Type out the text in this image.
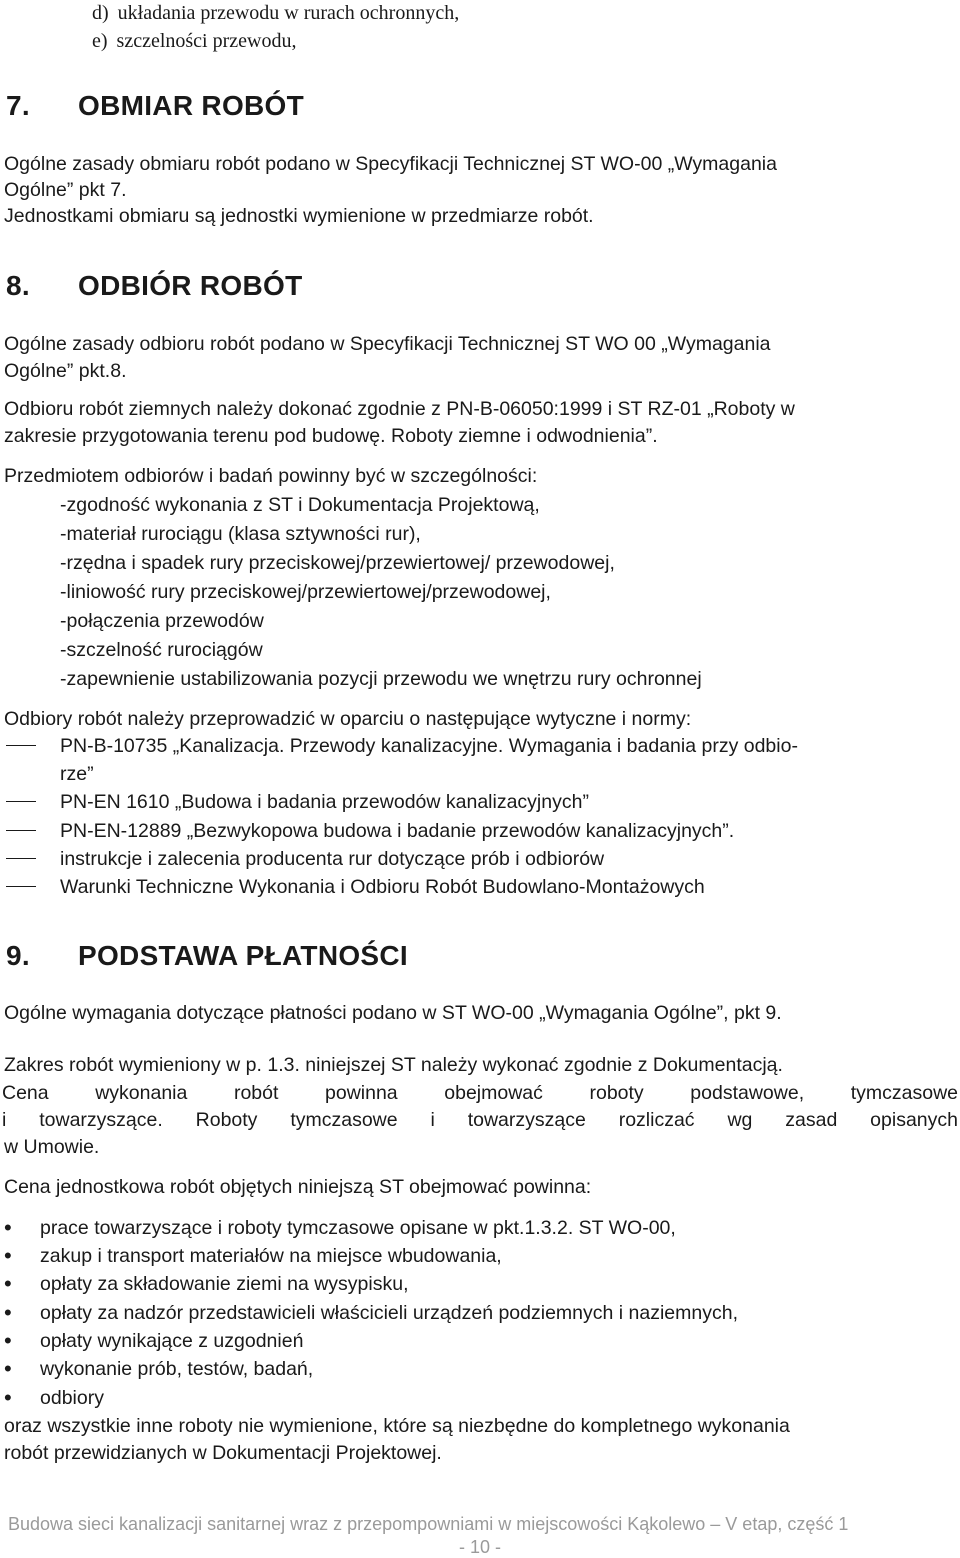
d) układania przewodu w rurach ochronnych,
e) szczelności przewodu,
7. OBMIAR ROBÓT
Ogólne zasady obmiaru robót podano w Specyfikacji Technicznej ST WO-00 „Wymagania
Ogólne” pkt 7.
Jednostkami obmiaru są jednostki wymienione w przedmiarze robót.
8. ODBIÓR ROBÓT
Ogólne zasady odbioru robót podano w Specyfikacji Technicznej ST WO 00 „Wymagania
Ogólne” pkt.8.
Odbioru robót ziemnych należy dokonać zgodnie z PN-B-06050:1999 i ST RZ-01 „Roboty w
zakresie przygotowania terenu pod budowę. Roboty ziemne i odwodnienia”.
Przedmiotem odbiorów i badań powinny być w szczególności:
-zgodność wykonania z ST i Dokumentacja Projektową,
-materiał rurociągu (klasa sztywności rur),
-rzędna i spadek rury przeciskowej/przewiertowej/ przewodowej,
-liniowość rury przeciskowej/przewiertowej/przewodowej,
-połączenia przewodów
-szczelność rurociągów
-zapewnienie ustabilizowania pozycji przewodu we wnętrzu rury ochronnej
Odbiory robót należy przeprowadzić w oparciu o następujące wytyczne i normy:
PN-B-10735 „Kanalizacja. Przewody kanalizacyjne. Wymagania i badania przy odbio-
rze”
PN-EN 1610 „Budowa i badania przewodów kanalizacyjnych”
PN-EN-12889 „Bezwykopowa budowa i badanie przewodów kanalizacyjnych”.
instrukcje i zalecenia producenta rur dotyczące prób i odbiorów
Warunki Techniczne Wykonania i Odbioru Robót Budowlano-Montażowych
9. PODSTAWA PŁATNOŚCI
Ogólne wymagania dotyczące płatności podano w ST WO-00 „Wymagania Ogólne”, pkt 9.
Zakres robót wymieniony w p. 1.3. niniejszej ST należy wykonać zgodnie z Dokumentacją.
Cena wykonania robót powinna obejmować roboty podstawowe, tymczasowe
i towarzyszące. Roboty tymczasowe i towarzyszące rozliczać wg zasad opisanych
w Umowie.
Cena jednostkowa robót objętych niniejszą ST obejmować powinna:
• prace towarzyszące i roboty tymczasowe opisane w pkt.1.3.2. ST WO-00,
• zakup i transport materiałów na miejsce wbudowania,
• opłaty za składowanie ziemi na wysypisku,
• opłaty za nadzór przedstawicieli właścicieli urządzeń podziemnych i naziemnych,
• opłaty wynikające z uzgodnień
• wykonanie prób, testów, badań,
• odbiory
oraz wszystkie inne roboty nie wymienione, które są niezbędne do kompletnego wykonania
robót przewidzianych w Dokumentacji Projektowej.
Budowa sieci kanalizacji sanitarnej wraz z przepompowniami w miejscowości Kąkolewo – V etap, część 1
- 10 -
